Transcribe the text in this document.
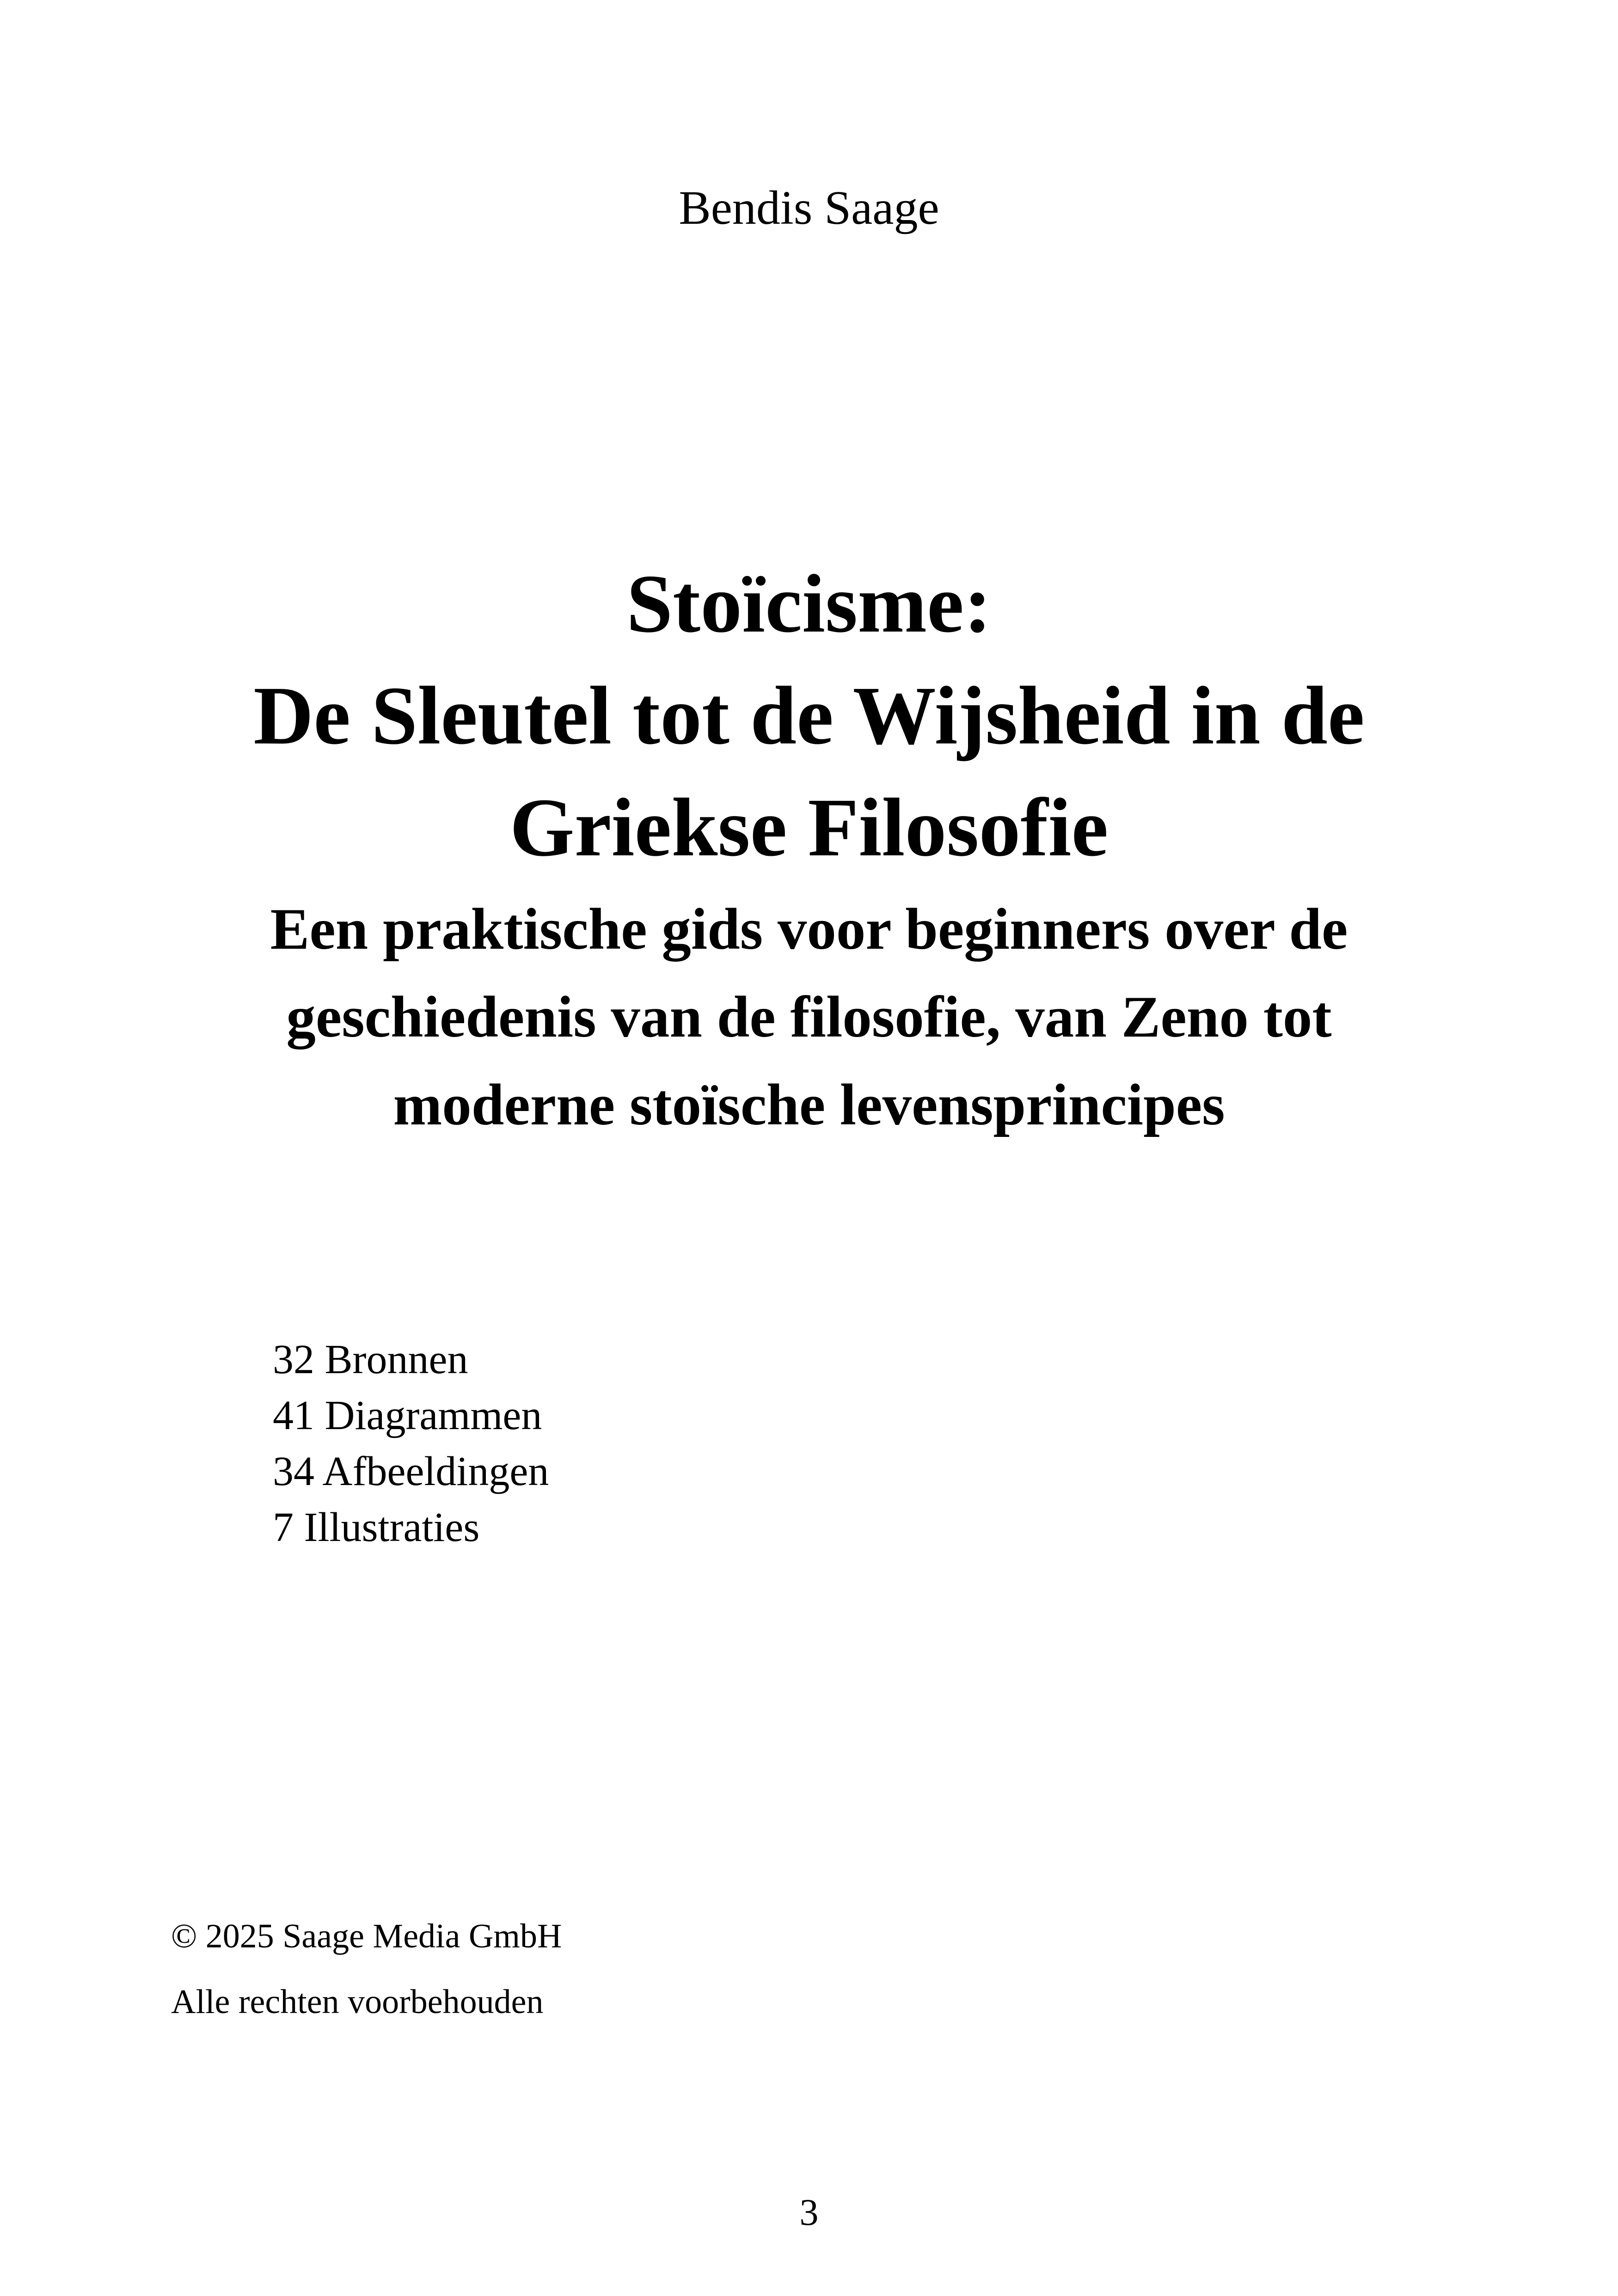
Bendis Saage
Stoïcisme:
De Sleutel tot de Wijsheid in de
Griekse Filosofie
Een praktische gids voor beginners over de
geschiedenis van de filosofie, van Zeno tot
moderne stoïsche levensprincipes
32 Bronnen
41 Diagrammen
34 Afbeeldingen
7 Illustraties
© 2025 Saage Media GmbH
Alle rechten voorbehouden
3
